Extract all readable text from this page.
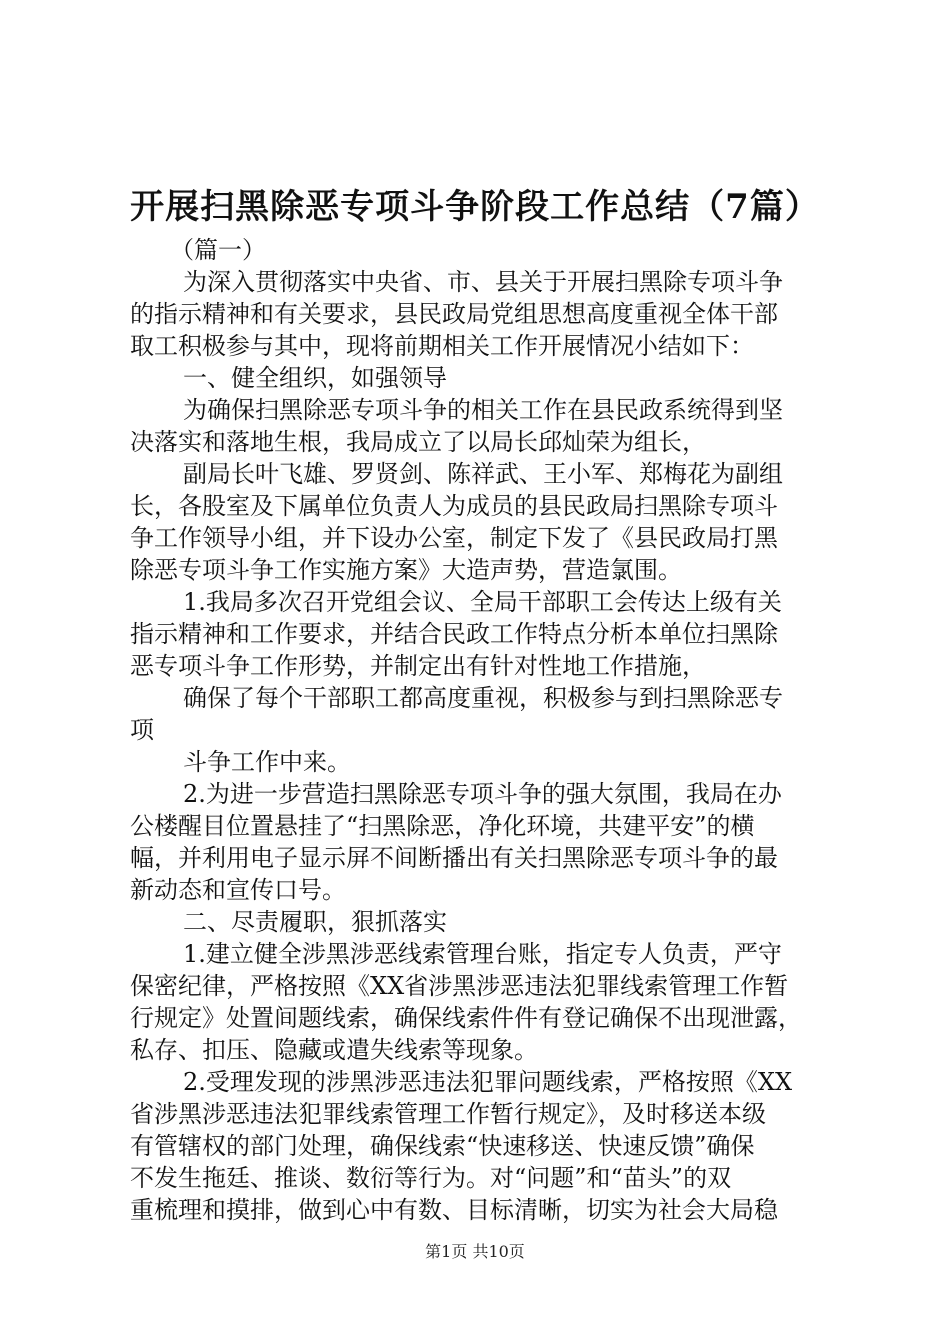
开展扫黑除恶专项斗争阶段工作总结（7篇）
（篇一）
为深入贯彻落实中央省、市、县关于开展扫黑除专项斗争
的指示精神和有关要求，县民政局党组思想高度重视全体干部
取工积极参与其中，现将前期相关工作开展情况小结如下：
一、健全组织，如强领导
为确保扫黑除恶专项斗争的相关工作在县民政系统得到坚
决落实和落地生根，我局成立了以局长邱灿荣为组长，
副局长叶飞雄、罗贤剑、陈祥武、王小军、郑梅花为副组
长，各股室及下属单位负责人为成员的县民政局扫黑除专项斗
争工作领导小组，并下设办公室，制定下发了《县民政局打黑
除恶专项斗争工作实施方案》大造声势，营造氯围。
1.我局多次召开党组会议、全局干部职工会传达上级有关
指示精神和工作要求，并结合民政工作特点分析本单位扫黑除
恶专项斗争工作形势，并制定出有针对性地工作措施，
确保了每个干部职工都高度重视，积极参与到扫黑除恶专
项
斗争工作中来。
2.为进一步营造扫黑除恶专项斗争的强大氛围，我局在办
公楼醒目位置悬挂了“扫黑除恶，净化环境，共建平安”的横
幅，并利用电子显示屏不间断播出有关扫黑除恶专项斗争的最
新动态和宣传口号。
二、尽责履职，狠抓落实
1.建立健全涉黑涉恶线索管理台账，指定专人负责，严守
保密纪律，严格按照《XX省涉黑涉恶违法犯罪线索管理工作暂
行规定》处置间题线索，确保线索件件有登记确保不出现泄露，
私存、扣压、隐藏或遣失线索等现象。
2.受理发现的涉黑涉恶违法犯罪问题线索，严格按照《XX
省涉黑涉恶违法犯罪线索管理工作暂行规定》，及时移送本级
有管辖权的部门处理，确保线索“快速移送、快速反馈”确保
不发生拖廷、推谈、数衍等行为。对“问题”和“苗头”的双
重梳理和摸排，做到心中有数、目标清晰，切实为社会大局稳
第1页 共10页
